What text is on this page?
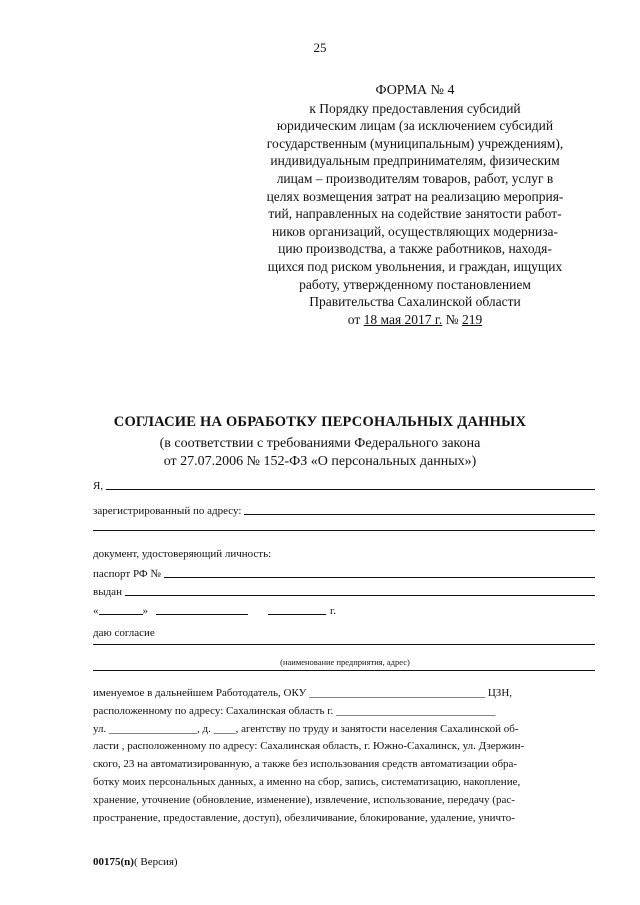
25
ФОРМА № 4
к Порядку предоставления субсидий
юридическим лицам (за исключением субсидий
государственным (муниципальным) учреждениям),
индивидуальным предпринимателям, физическим
лицам – производителям товаров, работ, услуг в
целях возмещения затрат на реализацию мероприя-
тий, направленных на содействие занятости работ-
ников организаций, осуществляющих модерниза-
цию производства, а также работников, находя-
щихся под риском увольнения, и граждан, ищущих
работу, утвержденному постановлением
Правительства Сахалинской области
от 18 мая 2017 г. № 219
СОГЛАСИЕ НА ОБРАБОТКУ ПЕРСОНАЛЬНЫХ ДАННЫХ
(в соответствии с требованиями Федерального закона
от 27.07.2006 № 152-ФЗ «О персональных данных»)
Я,
зарегистрированный по адресу:
документ, удостоверяющий личность:
паспорт РФ №
выдан
«	»	г.
даю согласие
(наименование предприятия, адрес)
именуемое в дальнейшем Работодатель, ОКУ ________________________________ ЦЗН,
расположенному по адресу: Сахалинская область г. _____________________________
ул. ________________, д. ____, агентству по труду и занятости населения Сахалинской об-
ласти , расположенному по адресу: Сахалинская область, г. Южно-Сахалинск, ул. Дзержин-
ского, 23 на автоматизированную, а также без использования средств автоматизации обра-
ботку моих персональных данных, а именно на сбор, запись, систематизацию, накопление,
хранение, уточнение (обновление, изменение), извлечение, использование, передачу (рас-
пространение, предоставление, доступ), обезличивание, блокирование, удаление, уничто-
00175(n)( Версия)
